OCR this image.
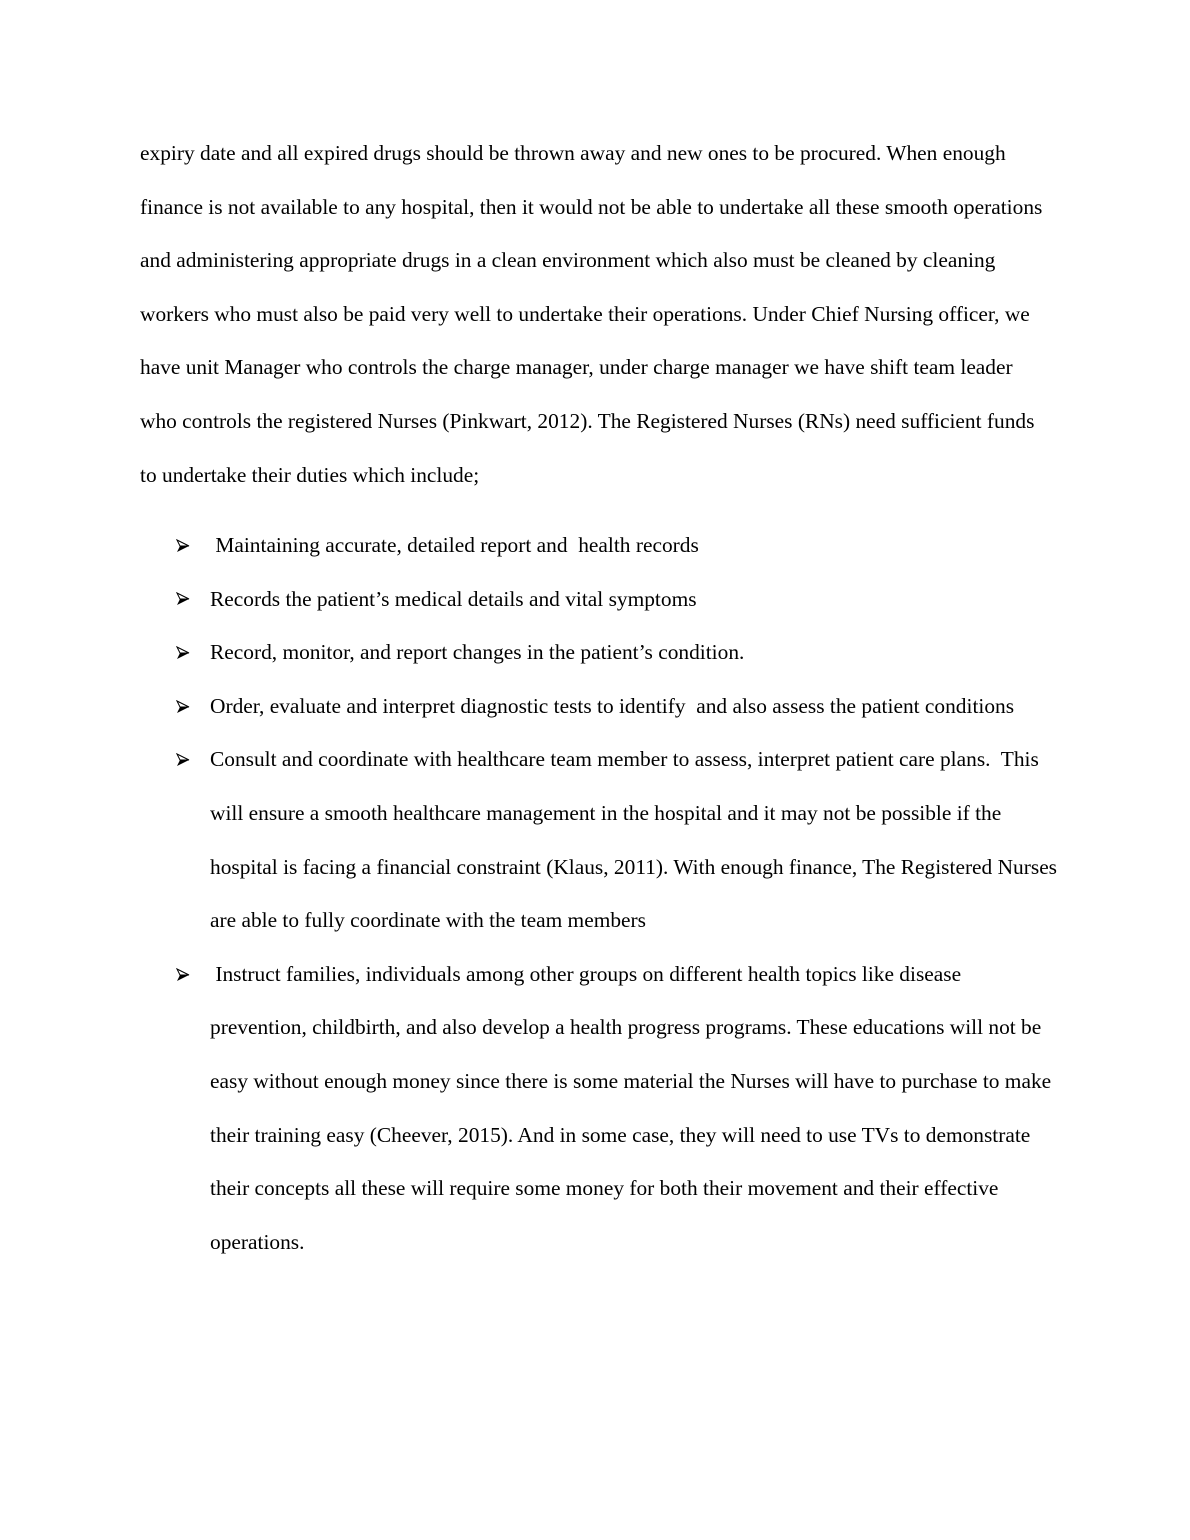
expiry date and all expired drugs should be thrown away and new ones to be procured. When enough finance is not available to any hospital, then it would not be able to undertake all these smooth operations and administering appropriate drugs in a clean environment which also must be cleaned by cleaning workers who must also be paid very well to undertake their operations. Under Chief Nursing officer, we have unit Manager who controls the charge manager, under charge manager we have shift team leader who controls the registered Nurses (Pinkwart, 2012). The Registered Nurses (RNs) need sufficient funds to undertake their duties which include;

Maintaining accurate, detailed report and  health records
Records the patient’s medical details and vital symptoms
Record, monitor, and report changes in the patient’s condition.
Order, evaluate and interpret diagnostic tests to identify  and also assess the patient conditions
Consult and coordinate with healthcare team member to assess, interpret patient care plans.  This will ensure a smooth healthcare management in the hospital and it may not be possible if the hospital is facing a financial constraint (Klaus, 2011). With enough finance, The Registered Nurses are able to fully coordinate with the team members
Instruct families, individuals among other groups on different health topics like disease prevention, childbirth, and also develop a health progress programs. These educations will not be easy without enough money since there is some material the Nurses will have to purchase to make their training easy (Cheever, 2015). And in some case, they will need to use TVs to demonstrate their concepts all these will require some money for both their movement and their effective operations.
